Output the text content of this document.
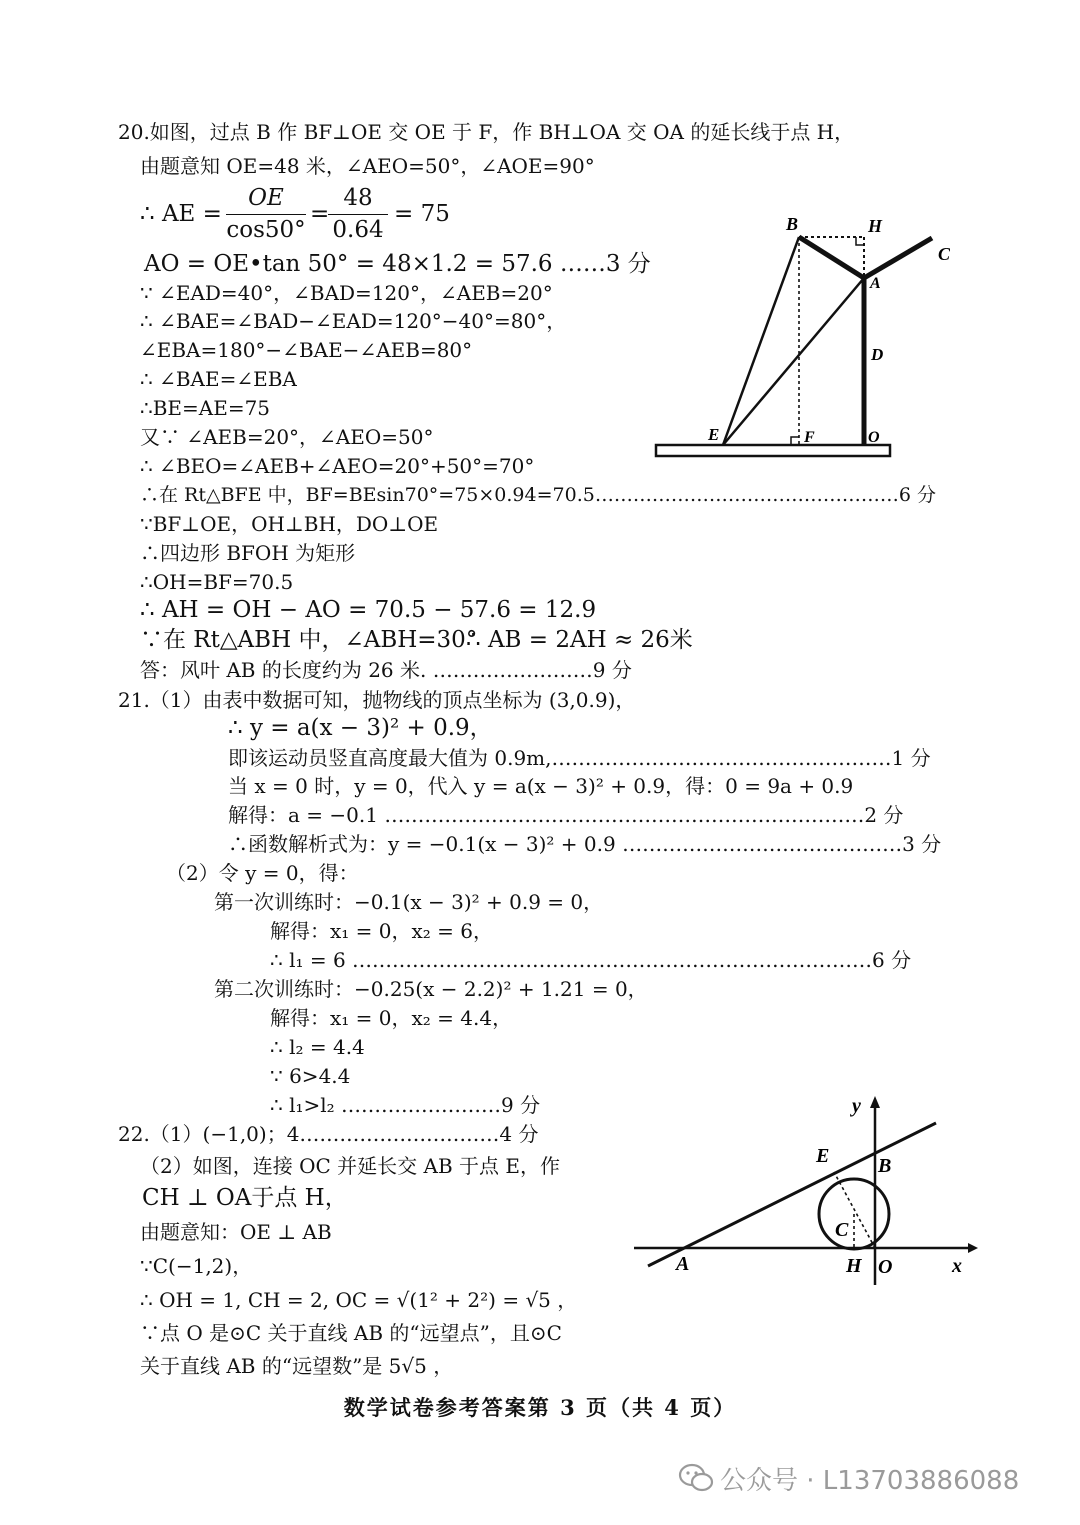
20.如图，过点 B 作 BF⊥OE 交 OE 于 F，作 BH⊥OA 交 OA 的延长线于点 H，
由题意知 OE=48 米，∠AEO=50°，∠AOE=90°
∴ AE =
OE
cos50°
=
48
0.64
= 75
AO = OE•tan 50° = 48×1.2 = 57.6 ……3 分
∵ ∠EAD=40°，∠BAD=120°，∠AEB=20°
∴ ∠BAE=∠BAD−∠EAD=120°−40°=80°，
∠EBA=180°−∠BAE−∠AEB=80°
∴ ∠BAE=∠EBA
∴BE=AE=75
又∵ ∠AEB=20°，∠AEO=50°
∴ ∠BEO=∠AEB+∠AEO=20°+50°=70°
∴在 Rt△BFE 中，BF=BEsin70°=75×0.94=70.5…………………………………………6 分
∵BF⊥OE，OH⊥BH，DO⊥OE
∴四边形 BFOH 为矩形
∴OH=BF=70.5
∴ AH = OH − AO = 70.5 − 57.6 = 12.9
∵在 Rt△ABH 中，∠ABH=30°
∴ AB = 2AH ≈ 26米
答：风叶 AB 的长度约为 26 米. ……………………9 分
B	H
C
A
D
E	F	O
21.（1）由表中数据可知，抛物线的顶点坐标为 (3,0.9)，
∴ y = a(x − 3)² + 0.9，
即该运动员竖直高度最大值为 0.9m,……………………………………………1 分
当 x = 0 时，y = 0，代入 y = a(x − 3)² + 0.9，得：0 = 9a + 0.9
解得：a = −0.1 ………………………………………………………………2 分
∴函数解析式为：y = −0.1(x − 3)² + 0.9 ……………………………………3 分
（2）令 y = 0，得：
第一次训练时：−0.1(x − 3)² + 0.9 = 0，
解得：x₁ = 0，x₂ = 6，
∴ l₁ = 6 ……………………………………………………………………6 分
第二次训练时：−0.25(x − 2.2)² + 1.21 = 0，
解得：x₁ = 0，x₂ = 4.4，
∴ l₂ = 4.4
∵ 6>4.4
∴ l₁>l₂ ……………………9 分
22.（1）(−1,0)；4…………………………4 分
（2）如图，连接 OC 并延长交 AB 于点 E，作
CH ⊥ OA于点 H，
由题意知：OE ⊥ AB
∵C(−1,2)，
∴ OH = 1, CH = 2, OC = √(1² + 2²) = √5 ，
∵点 O 是⊙C 关于直线 AB 的“远望点”，且⊙C
关于直线 AB 的“远望数”是 5√5 ，
y
x
E B
C
A	H O
数学试卷参考答案第 3 页（共 4 页）
公众号 · L13703886088
